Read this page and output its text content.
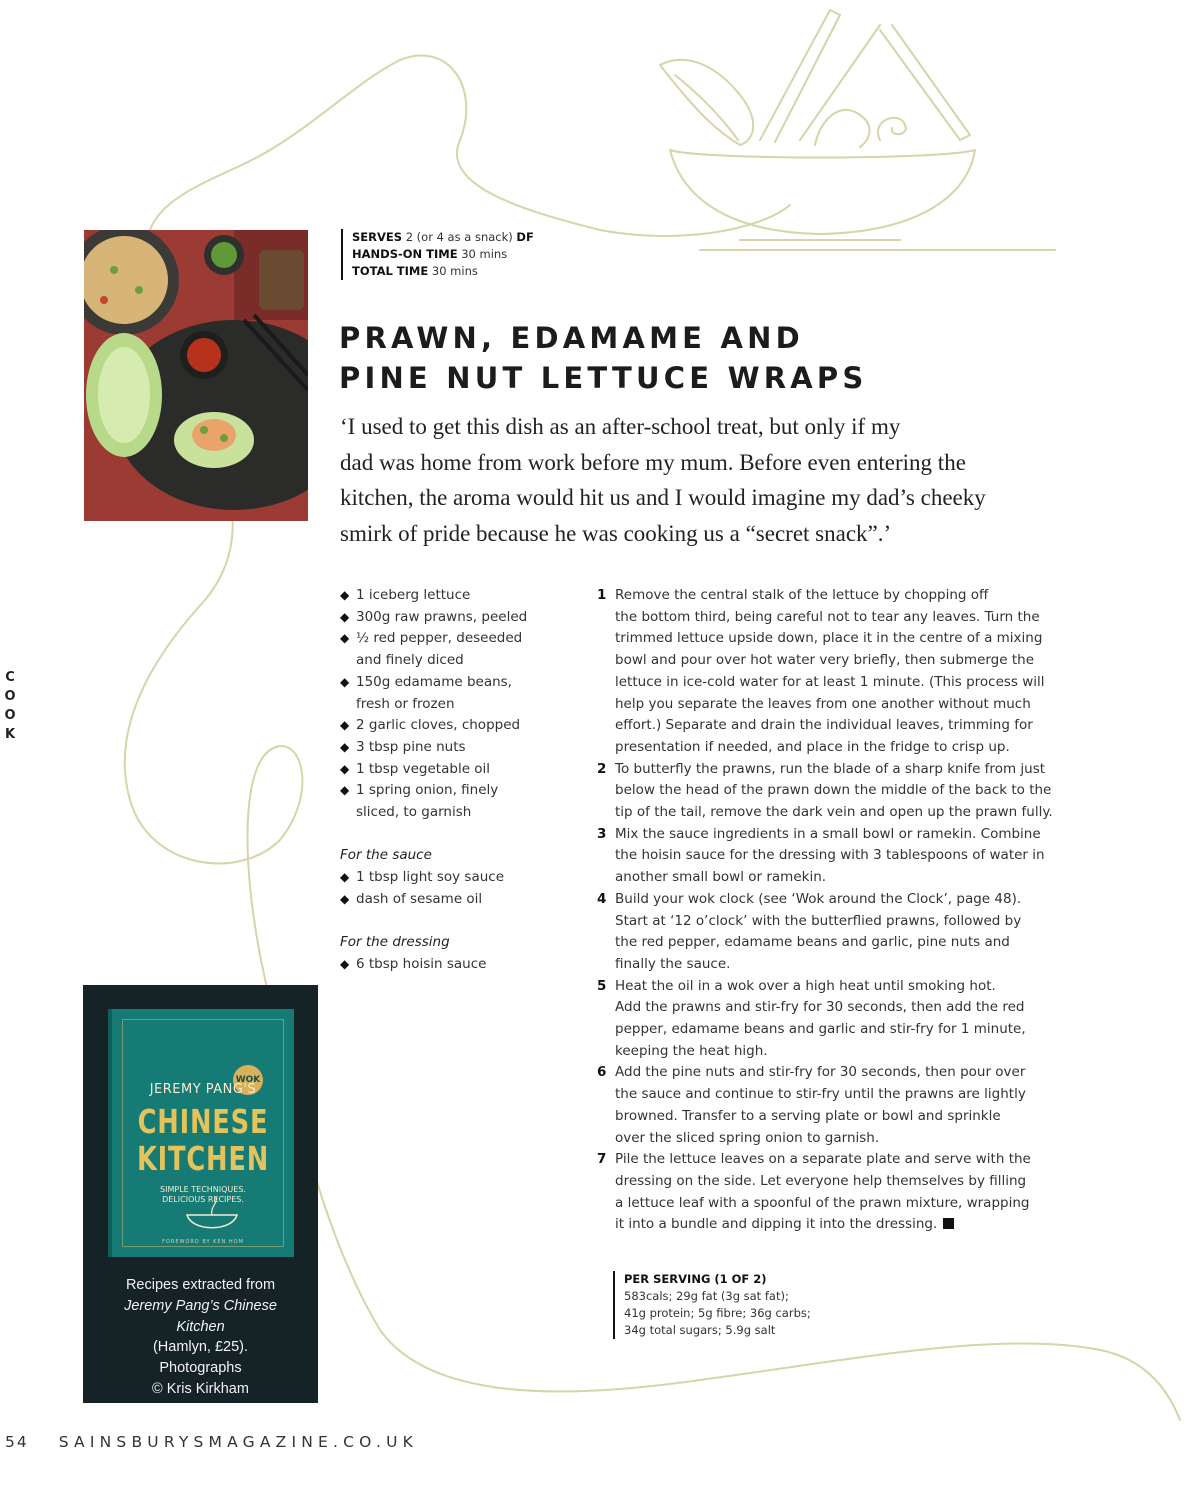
C
O
O
K
SERVES 2 (or 4 as a snack) DF
HANDS-ON TIME 30 mins
TOTAL TIME 30 mins
PRAWN, EDAMAME AND
PINE NUT LETTUCE WRAPS
‘I used to get this dish as an after-school treat, but only if my
dad was home from work before my mum. Before even entering the
kitchen, the aroma would hit us and I would imagine my dad’s cheeky
smirk of pride because he was cooking us a “secret snack”.’
◆ 1 iceberg lettuce
◆ 300g raw prawns, peeled
◆ ½ red pepper, deseeded
and finely diced
◆ 150g edamame beans,
fresh or frozen
◆ 2 garlic cloves, chopped
◆ 3 tbsp pine nuts
◆ 1 tbsp vegetable oil
◆ 1 spring onion, finely
sliced, to garnish
For the sauce
◆ 1 tbsp light soy sauce
◆ dash of sesame oil
For the dressing
◆ 6 tbsp hoisin sauce
1 Remove the central stalk of the lettuce by chopping off
the bottom third, being careful not to tear any leaves. Turn the
trimmed lettuce upside down, place it in the centre of a mixing
bowl and pour over hot water very briefly, then submerge the
lettuce in ice-cold water for at least 1 minute. (This process will
help you separate the leaves from one another without much
effort.) Separate and drain the individual leaves, trimming for
presentation if needed, and place in the fridge to crisp up.
2 To butterfly the prawns, run the blade of a sharp knife from just
below the head of the prawn down the middle of the back to the
tip of the tail, remove the dark vein and open up the prawn fully.
3 Mix the sauce ingredients in a small bowl or ramekin. Combine
the hoisin sauce for the dressing with 3 tablespoons of water in
another small bowl or ramekin.
4 Build your wok clock (see ‘Wok around the Clock’, page 48).
Start at ‘12 o’clock’ with the butterflied prawns, followed by
the red pepper, edamame beans and garlic, pine nuts and
finally the sauce.
5 Heat the oil in a wok over a high heat until smoking hot.
Add the prawns and stir-fry for 30 seconds, then add the red
pepper, edamame beans and garlic and stir-fry for 1 minute,
keeping the heat high.
6 Add the pine nuts and stir-fry for 30 seconds, then pour over
the sauce and continue to stir-fry until the prawns are lightly
browned. Transfer to a serving plate or bowl and sprinkle
over the sliced spring onion to garnish.
7 Pile the lettuce leaves on a separate plate and serve with the
dressing on the side. Let everyone help themselves by filling
a lettuce leaf with a spoonful of the prawn mixture, wrapping
it into a bundle and dipping it into the dressing.
PER SERVING (1 OF 2)
583cals; 29g fat (3g sat fat);
41g protein; 5g fibre; 36g carbs;
34g total sugars; 5.9g salt
WOK
JEREMY PANG'S
CHINESE
KITCHEN
SIMPLE TECHNIQUES.
DELICIOUS RECIPES.
FOREWORD BY KEN HOM
Recipes extracted from
Jeremy Pang’s Chinese
Kitchen
(Hamlyn, £25).
Photographs
© Kris Kirkham
54 SAINSBURYSMAGAZINE.CO.UK
